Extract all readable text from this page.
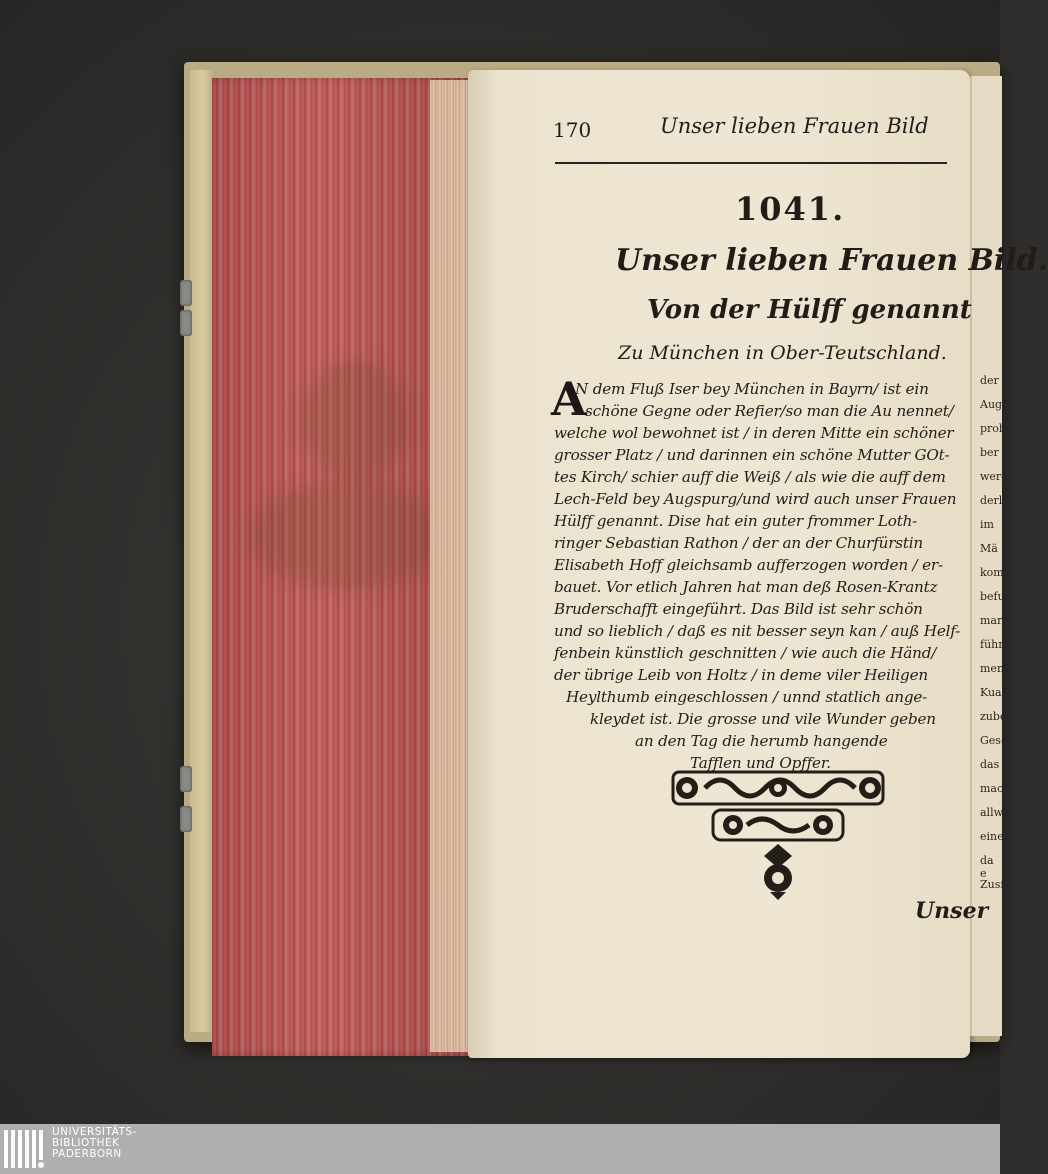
der
Aug
prob
ber
werd
derl
im
Mä
kom
befu
mar
führ
men
Kua
zube
Gesc
das
mac
allw
eine
da e
Zusf
170	Unser lieben Frauen Bild
1041.
Unser lieben Frauen Bild.
Von der Hülff genannt
Zu München in Ober-Teutschland.
A
N dem Fluß Iser bey München in Bayrn/ ist ein
schöne Gegne oder Refier/so man die Au nennet/
welche wol bewohnet ist / in deren Mitte ein schöner
grosser Platz / und darinnen ein schöne Mutter GOt-
tes Kirch/ schier auff die Weiß / als wie die auff dem
Lech-Feld bey Augspurg/und wird auch unser Frauen
Hülff genannt. Dise hat ein guter frommer Loth-
ringer Sebastian Rathon / der an der Churfürstin
Elisabeth Hoff gleichsamb aufferzogen worden / er-
bauet. Vor etlich Jahren hat man deß Rosen-Krantz
Bruderschafft eingeführt. Das Bild ist sehr schön
und so lieblich / daß es nit besser seyn kan / auß Helf-
fenbein künstlich geschnitten / wie auch die Händ/
der übrige Leib von Holtz / in deme viler Heiligen
Heylthumb eingeschlossen / unnd statlich ange-
kleydet ist. Die grosse und vile Wunder geben
an den Tag die herumb hangende
Tafflen und Opffer.
Unser
UNIVERSITÄTS-
BIBLIOTHEK
PADERBORN
